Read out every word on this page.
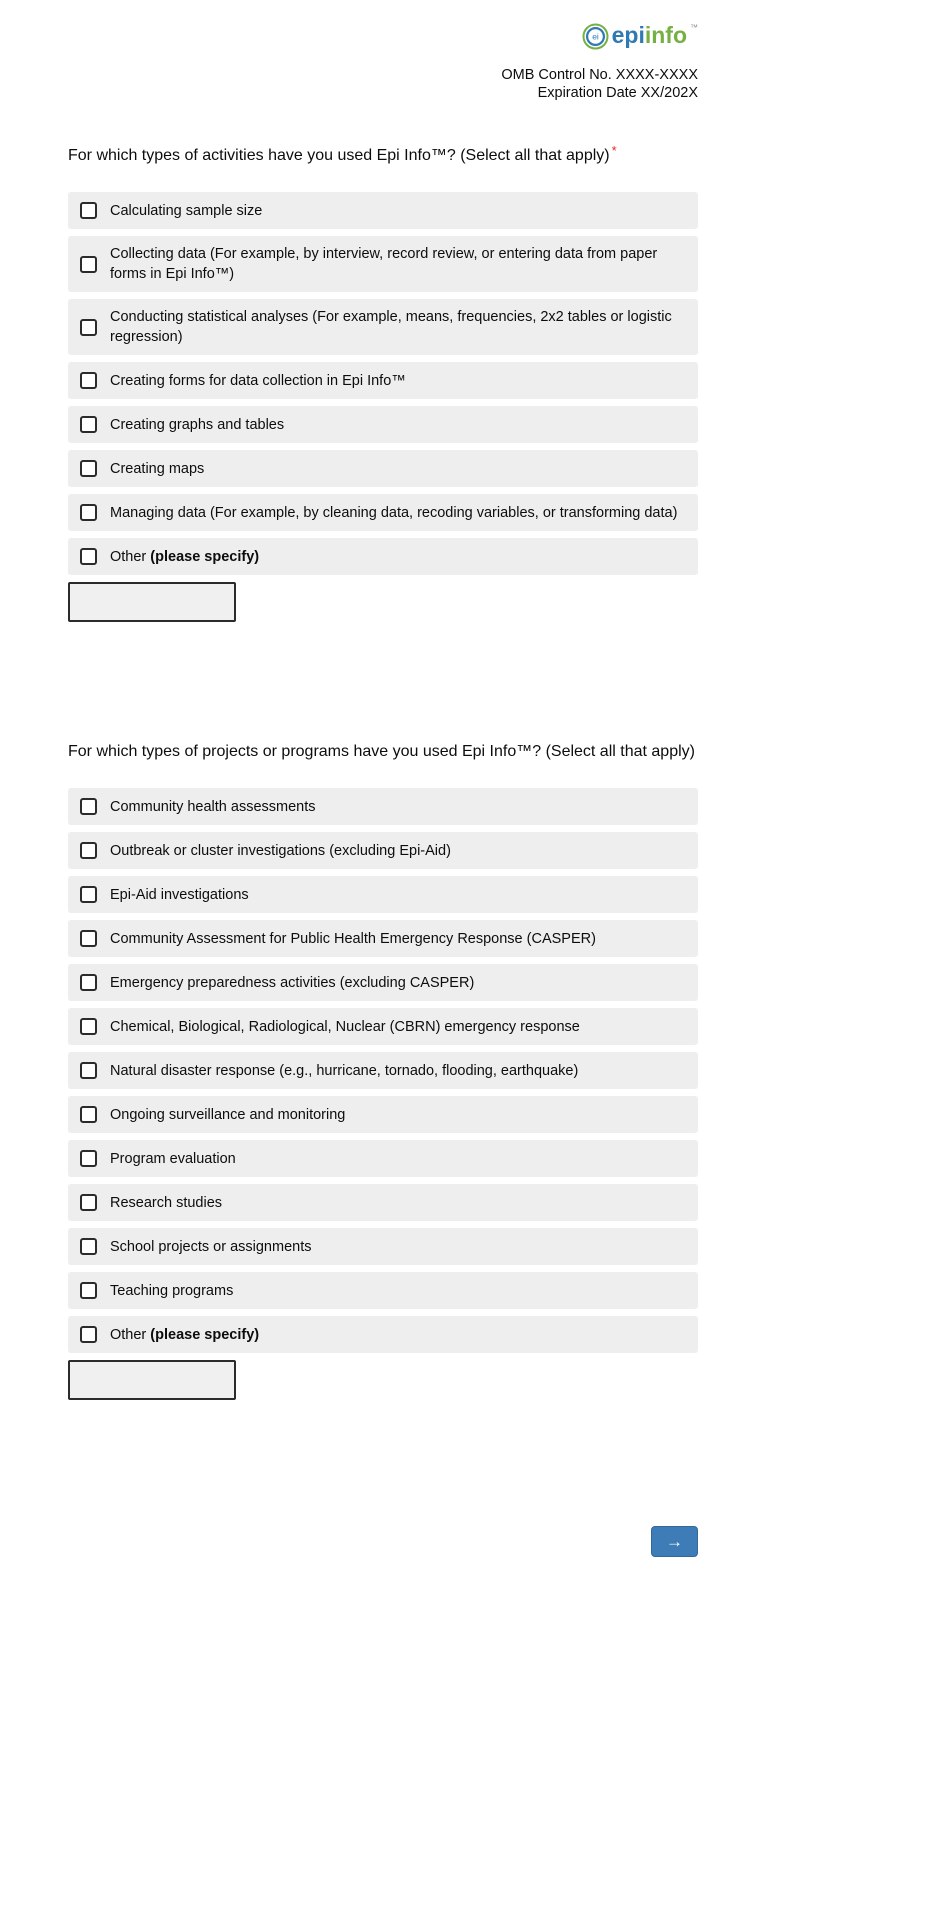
ei epiinfo ™
OMB Control No. XXXX-XXXX
Expiration Date XX/202X
For which types of activities have you used Epi Info™? (Select all that apply) *
Calculating sample size
Collecting data (For example, by interview, record review, or entering data from paper forms in Epi Info™)
Conducting statistical analyses (For example, means, frequencies, 2x2 tables or logistic regression)
Creating forms for data collection in Epi Info™
Creating graphs and tables
Creating maps
Managing data (For example, by cleaning data, recoding variables, or transforming data)
Other (please specify)
For which types of projects or programs have you used Epi Info™? (Select all that apply)
Community health assessments
Outbreak or cluster investigations (excluding Epi-Aid)
Epi-Aid investigations
Community Assessment for Public Health Emergency Response (CASPER)
Emergency preparedness activities (excluding CASPER)
Chemical, Biological, Radiological, Nuclear (CBRN) emergency response
Natural disaster response (e.g., hurricane, tornado, flooding, earthquake)
Ongoing surveillance and monitoring
Program evaluation
Research studies
School projects or assignments
Teaching programs
Other (please specify)
→
